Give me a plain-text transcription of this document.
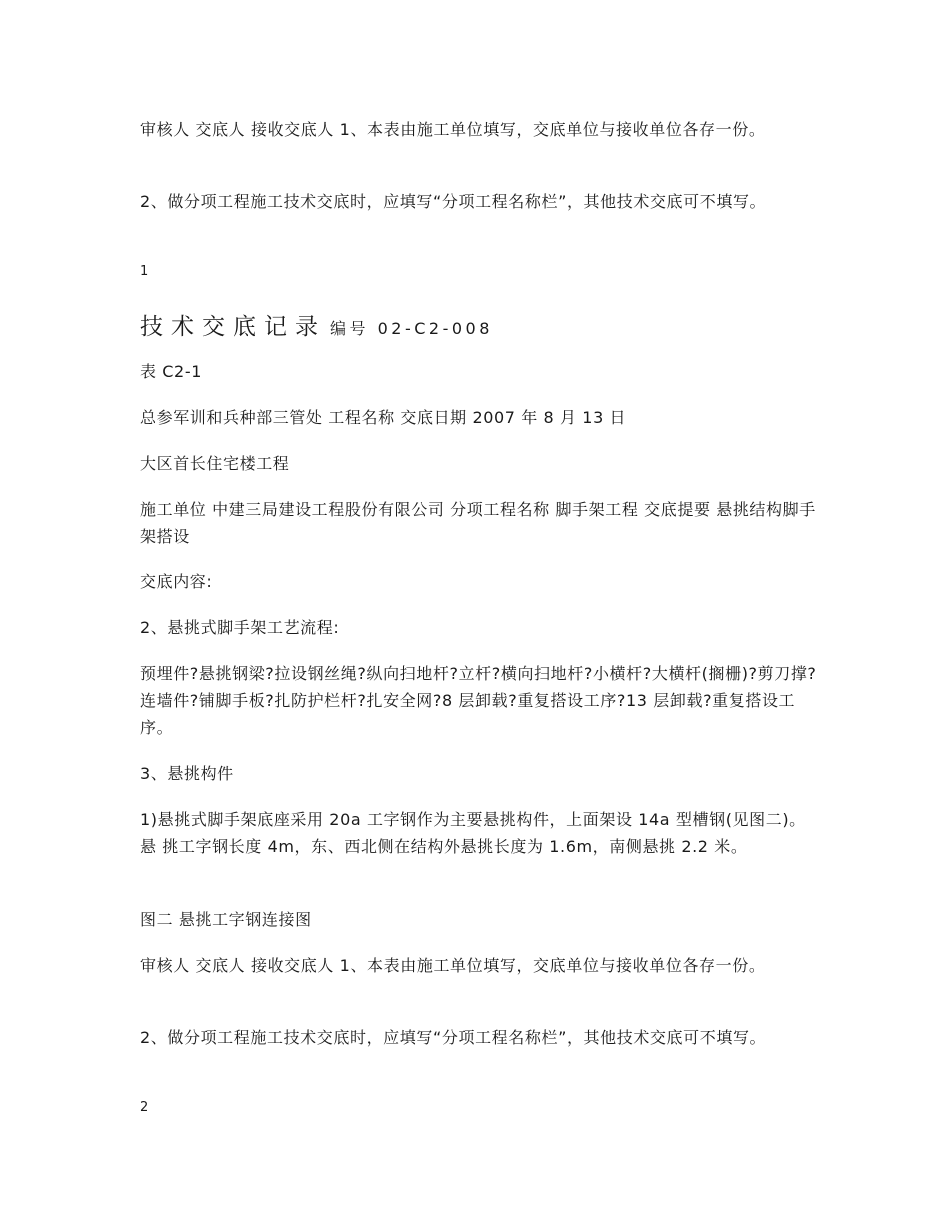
审核人 交底人 接收交底人 1、本表由施工单位填写，交底单位与接收单位各存一份。

2、做分项工程施工技术交底时，应填写“分项工程名称栏”，其他技术交底可不填写。

1
技术交底记录 编号 02-C2-008

表 C2-1

总参军训和兵种部三管处 工程名称 交底日期 2007 年 8 月 13 日

大区首长住宅楼工程

施工单位 中建三局建设工程股份有限公司 分项工程名称 脚手架工程 交底提要 悬挑结构脚手架搭设

交底内容:

2、悬挑式脚手架工艺流程:

预埋件?悬挑钢梁?拉设钢丝绳?纵向扫地杆?立杆?横向扫地杆?小横杆?大横杆(搁栅)?剪刀撑?连墙件?铺脚手板?扎防护栏杆?扎安全网?8 层卸载?重复搭设工序?13 层卸载?重复搭设工序。

3、悬挑构件

1)悬挑式脚手架底座采用 20a 工字钢作为主要悬挑构件，上面架设 14a 型槽钢(见图二)。悬 挑工字钢长度 4m，东、西北侧在结构外悬挑长度为 1.6m，南侧悬挑 2.2 米。

图二 悬挑工字钢连接图

审核人 交底人 接收交底人 1、本表由施工单位填写，交底单位与接收单位各存一份。

2、做分项工程施工技术交底时，应填写“分项工程名称栏”，其他技术交底可不填写。

2
